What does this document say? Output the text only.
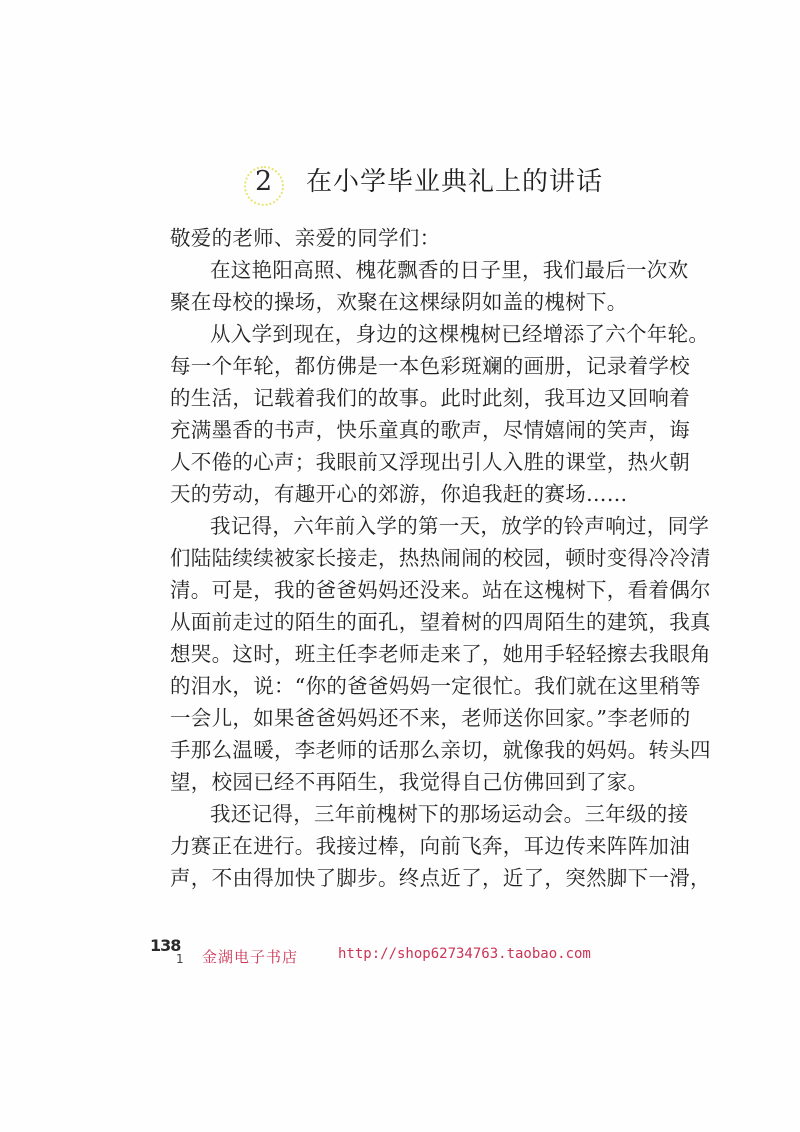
2 在小学毕业典礼上的讲话
敬爱的老师、亲爱的同学们：
在这艳阳高照、槐花飘香的日子里，我们最后一次欢
聚在母校的操场，欢聚在这棵绿阴如盖的槐树下。
从入学到现在，身边的这棵槐树已经增添了六个年轮。
每一个年轮，都仿佛是一本色彩斑斓的画册，记录着学校
的生活，记载着我们的故事。此时此刻，我耳边又回响着
充满墨香的书声，快乐童真的歌声，尽情嬉闹的笑声，诲
人不倦的心声；我眼前又浮现出引人入胜的课堂，热火朝
天的劳动，有趣开心的郊游，你追我赶的赛场……
我记得，六年前入学的第一天，放学的铃声响过，同学
们陆陆续续被家长接走，热热闹闹的校园，顿时变得冷冷清
清。可是，我的爸爸妈妈还没来。站在这槐树下，看着偶尔
从面前走过的陌生的面孔，望着树的四周陌生的建筑，我真
想哭。这时，班主任李老师走来了，她用手轻轻擦去我眼角
的泪水，说：“你的爸爸妈妈一定很忙。我们就在这里稍等
一会儿，如果爸爸妈妈还不来，老师送你回家。”李老师的
手那么温暖，李老师的话那么亲切，就像我的妈妈。转头四
望，校园已经不再陌生，我觉得自己仿佛回到了家。
我还记得，三年前槐树下的那场运动会。三年级的接
力赛正在进行。我接过棒，向前飞奔，耳边传来阵阵加油
声，不由得加快了脚步。终点近了，近了，突然脚下一滑，
138
1 金湖电子书店	http://shop62734763.taobao.com
